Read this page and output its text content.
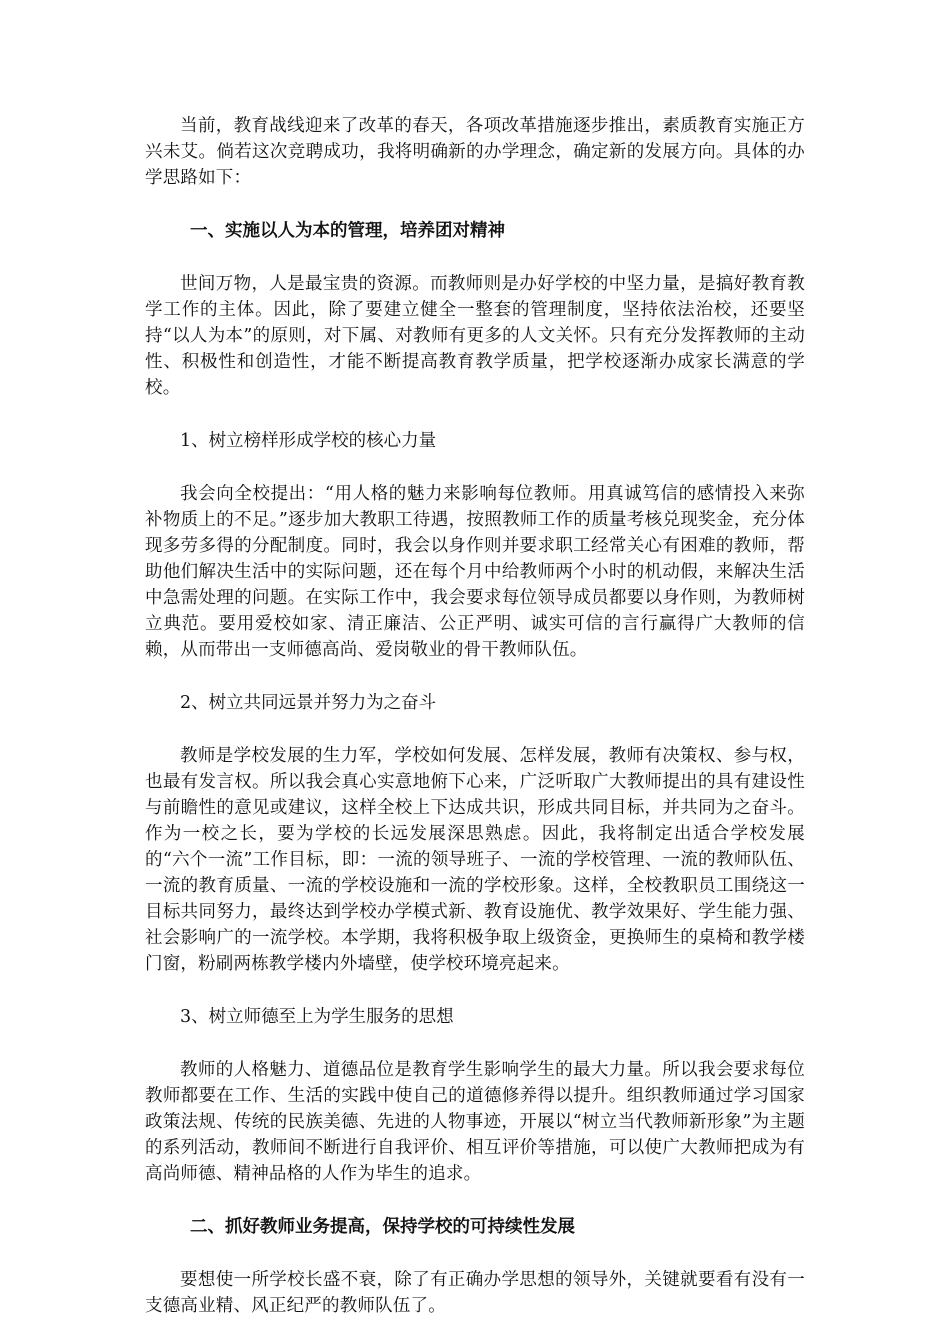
当前，教育战线迎来了改革的春天，各项改革措施逐步推出，素质教育实施正方兴未艾。倘若这次竞聘成功，我将明确新的办学理念，确定新的发展方向。具体的办学思路如下：

一、实施以人为本的管理，培养团对精神

世间万物，人是最宝贵的资源。而教师则是办好学校的中坚力量，是搞好教育教学工作的主体。因此，除了要建立健全一整套的管理制度，坚持依法治校，还要坚持“以人为本”的原则，对下属、对教师有更多的人文关怀。只有充分发挥教师的主动性、积极性和创造性，才能不断提高教育教学质量，把学校逐渐办成家长满意的学校。

1、树立榜样形成学校的核心力量

我会向全校提出：“用人格的魅力来影响每位教师。用真诚笃信的感情投入来弥补物质上的不足。”逐步加大教职工待遇，按照教师工作的质量考核兑现奖金，充分体现多劳多得的分配制度。同时，我会以身作则并要求职工经常关心有困难的教师，帮助他们解决生活中的实际问题，还在每个月中给教师两个小时的机动假，来解决生活中急需处理的问题。在实际工作中，我会要求每位领导成员都要以身作则，为教师树立典范。要用爱校如家、清正廉洁、公正严明、诚实可信的言行赢得广大教师的信赖，从而带出一支师德高尚、爱岗敬业的骨干教师队伍。

2、树立共同远景并努力为之奋斗

教师是学校发展的生力军，学校如何发展、怎样发展，教师有决策权、参与权，也最有发言权。所以我会真心实意地俯下心来，广泛听取广大教师提出的具有建设性与前瞻性的意见或建议，这样全校上下达成共识，形成共同目标，并共同为之奋斗。作为一校之长，要为学校的长远发展深思熟虑。因此，我将制定出适合学校发展的“六个一流”工作目标，即：一流的领导班子、一流的学校管理、一流的教师队伍、一流的教育质量、一流的学校设施和一流的学校形象。这样，全校教职员工围绕这一目标共同努力，最终达到学校办学模式新、教育设施优、教学效果好、学生能力强、社会影响广的一流学校。本学期，我将积极争取上级资金，更换师生的桌椅和教学楼门窗，粉刷两栋教学楼内外墙壁，使学校环境亮起来。

3、树立师德至上为学生服务的思想

教师的人格魅力、道德品位是教育学生影响学生的最大力量。所以我会要求每位教师都要在工作、生活的实践中使自己的道德修养得以提升。组织教师通过学习国家政策法规、传统的民族美德、先进的人物事迹，开展以“树立当代教师新形象”为主题的系列活动，教师间不断进行自我评价、相互评价等措施，可以使广大教师把成为有高尚师德、精神品格的人作为毕生的追求。

二、抓好教师业务提高，保持学校的可持续性发展

要想使一所学校长盛不衰，除了有正确办学思想的领导外，关键就要看有没有一支德高业精、风正纪严的教师队伍了。
